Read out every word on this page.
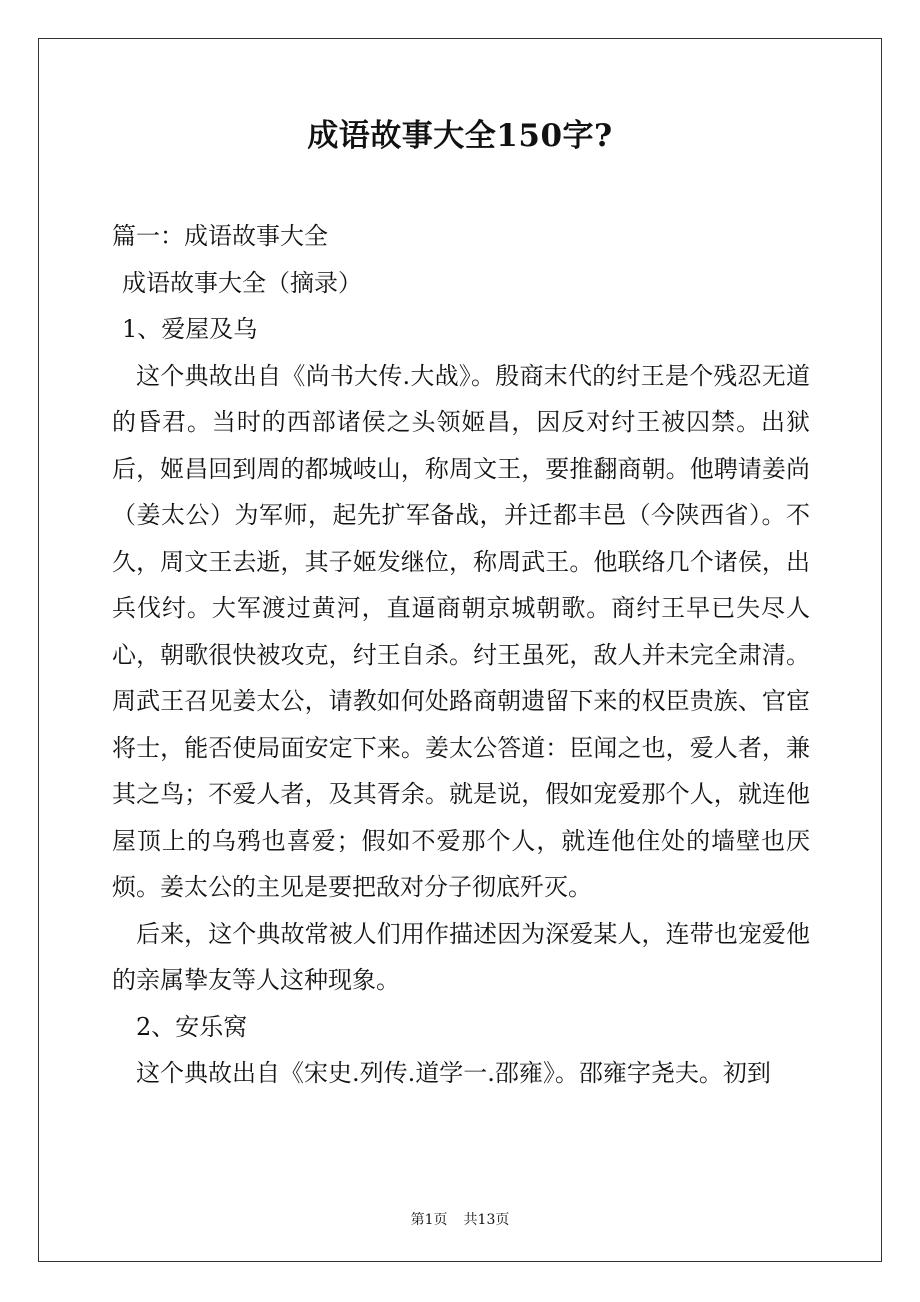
成语故事大全150字?
篇一：成语故事大全
成语故事大全（摘录）
1、爱屋及乌

这个典故出自《尚书大传.大战》。殷商末代的纣王是个残忍无道的昏君。当时的西部诸侯之头领姬昌，因反对纣王被囚禁。出狱后，姬昌回到周的都城岐山，称周文王，要推翻商朝。他聘请姜尚（姜太公）为军师，起先扩军备战，并迁都丰邑（今陕西省）。不久，周文王去逝，其子姬发继位，称周武王。他联络几个诸侯，出兵伐纣。大军渡过黄河，直逼商朝京城朝歌。商纣王早已失尽人心，朝歌很快被攻克，纣王自杀。纣王虽死，敌人并未完全肃清。周武王召见姜太公，请教如何处路商朝遗留下来的权臣贵族、官宦将士，能否使局面安定下来。姜太公答道：臣闻之也，爱人者，兼其之鸟；不爱人者，及其胥余。就是说，假如宠爱那个人，就连他屋顶上的乌鸦也喜爱；假如不爱那个人，就连他住处的墙壁也厌烦。姜太公的主见是要把敌对分子彻底歼灭。

后来，这个典故常被人们用作描述因为深爱某人，连带也宠爱他的亲属挚友等人这种现象。

2、安乐窝

这个典故出自《宋史.列传.道学一.邵雍》。邵雍字尧夫。初到

第1页 共13页
